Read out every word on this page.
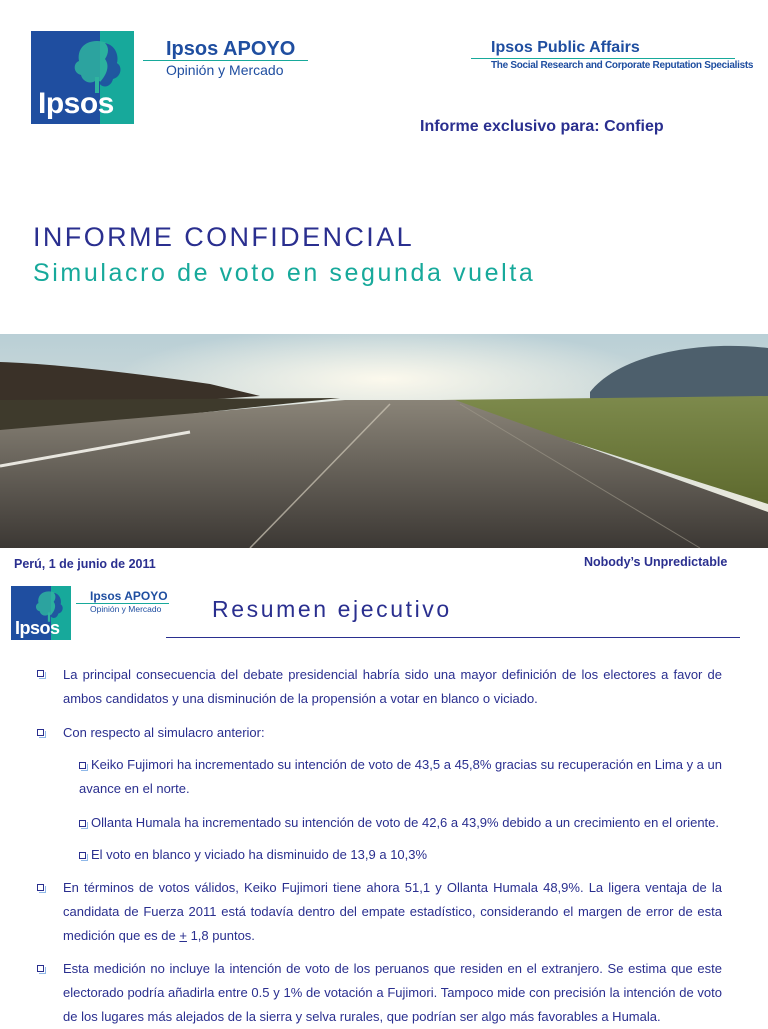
Ipsos
Ipsos APOYO
Opinión y Mercado
Ipsos Public Affairs
The Social Research and Corporate Reputation Specialists
Informe exclusivo para: Confiep
INFORME CONFIDENCIAL
Simulacro de voto en segunda vuelta
Perú, 1 de junio de 2011	Nobody’s Unpredictable
Ipsos
Ipsos APOYO
Opinión y Mercado Resumen ejecutivo
La principal consecuencia del debate presidencial habría sido una mayor definición de los electores a favor de ambos candidatos y una disminución de la propensión a votar en blanco o viciado.
Con respecto al simulacro anterior:
Keiko Fujimori ha incrementado su intención de voto de 43,5 a 45,8% gracias su recuperación en Lima y a un avance en el norte.
Ollanta Humala ha incrementado su intención de voto de 42,6 a 43,9% debido a un crecimiento en el oriente.
El voto en blanco y viciado ha disminuido de 13,9 a 10,3%
En términos de votos válidos, Keiko Fujimori tiene ahora 51,1 y Ollanta Humala 48,9%. La ligera ventaja de la candidata de Fuerza 2011 está todavía dentro del empate estadístico, considerando el margen de error de esta medición que es de + 1,8 puntos.
Esta medición no incluye la intención de voto de los peruanos que residen en el extranjero. Se estima que este electorado podría añadirla entre 0.5 y 1% de votación a Fujimori. Tampoco mide con precisión la intención de voto de los lugares más alejados de la sierra y selva rurales, que podrían ser algo más favorables a Humala.
